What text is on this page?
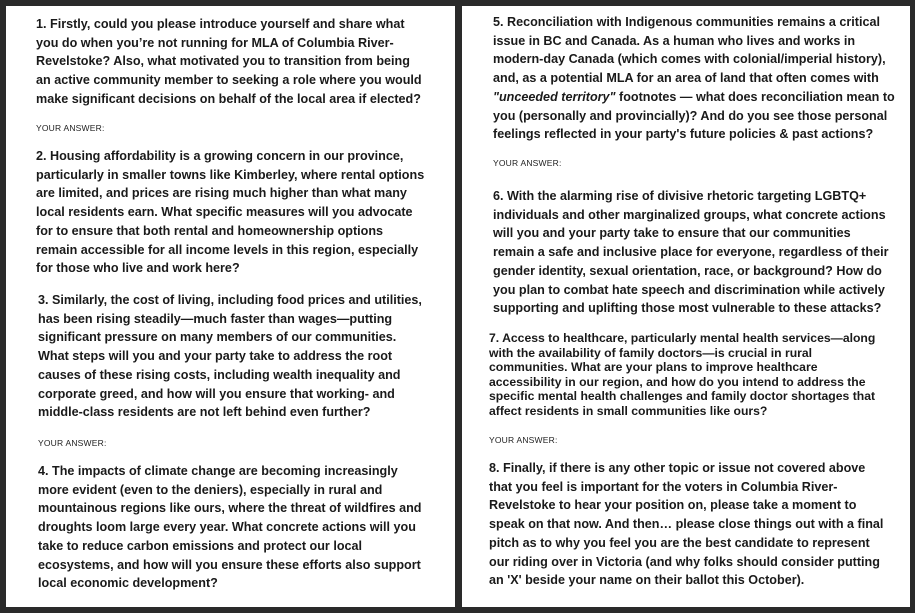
1. Firstly, could you please introduce yourself and share what
you do when you’re not running for MLA of Columbia River-
Revelstoke? Also, what motivated you to transition from being
an active community member to seeking a role where you would
make significant decisions on behalf of the local area if elected?
YOUR ANSWER:
2. Housing affordability is a growing concern in our province,
particularly in smaller towns like Kimberley, where rental options
are limited, and prices are rising much higher than what many
local residents earn. What specific measures will you advocate
for to ensure that both rental and homeownership options
remain accessible for all income levels in this region, especially
for those who live and work here?
3. Similarly, the cost of living, including food prices and utilities,
has been rising steadily—much faster than wages—putting
significant pressure on many members of our communities.
What steps will you and your party take to address the root
causes of these rising costs, including wealth inequality and
corporate greed, and how will you ensure that working- and
middle-class residents are not left behind even further?
YOUR ANSWER:
4. The impacts of climate change are becoming increasingly
more evident (even to the deniers), especially in rural and
mountainous regions like ours, where the threat of wildfires and
droughts loom large every year. What concrete actions will you
take to reduce carbon emissions and protect our local
ecosystems, and how will you ensure these efforts also support
local economic development?
5. Reconciliation with Indigenous communities remains a critical
issue in BC and Canada. As a human who lives and works in
modern-day Canada (which comes with colonial/imperial history),
and, as a potential MLA for an area of land that often comes with
"unceeded territory" footnotes — what does reconciliation mean to
you (personally and provincially)? And do you see those personal
feelings reflected in your party's future policies & past actions?
YOUR ANSWER:
6. With the alarming rise of divisive rhetoric targeting LGBTQ+
individuals and other marginalized groups, what concrete actions
will you and your party take to ensure that our communities
remain a safe and inclusive place for everyone, regardless of their
gender identity, sexual orientation, race, or background? How do
you plan to combat hate speech and discrimination while actively
supporting and uplifting those most vulnerable to these attacks?
7. Access to healthcare, particularly mental health services—along
with the availability of family doctors—is crucial in rural
communities. What are your plans to improve healthcare
accessibility in our region, and how do you intend to address the
specific mental health challenges and family doctor shortages that
affect residents in small communities like ours?
YOUR ANSWER:
8. Finally, if there is any other topic or issue not covered above
that you feel is important for the voters in Columbia River-
Revelstoke to hear your position on, please take a moment to
speak on that now. And then… please close things out with a final
pitch as to why you feel you are the best candidate to represent
our riding over in Victoria (and why folks should consider putting
an 'X' beside your name on their ballot this October).
